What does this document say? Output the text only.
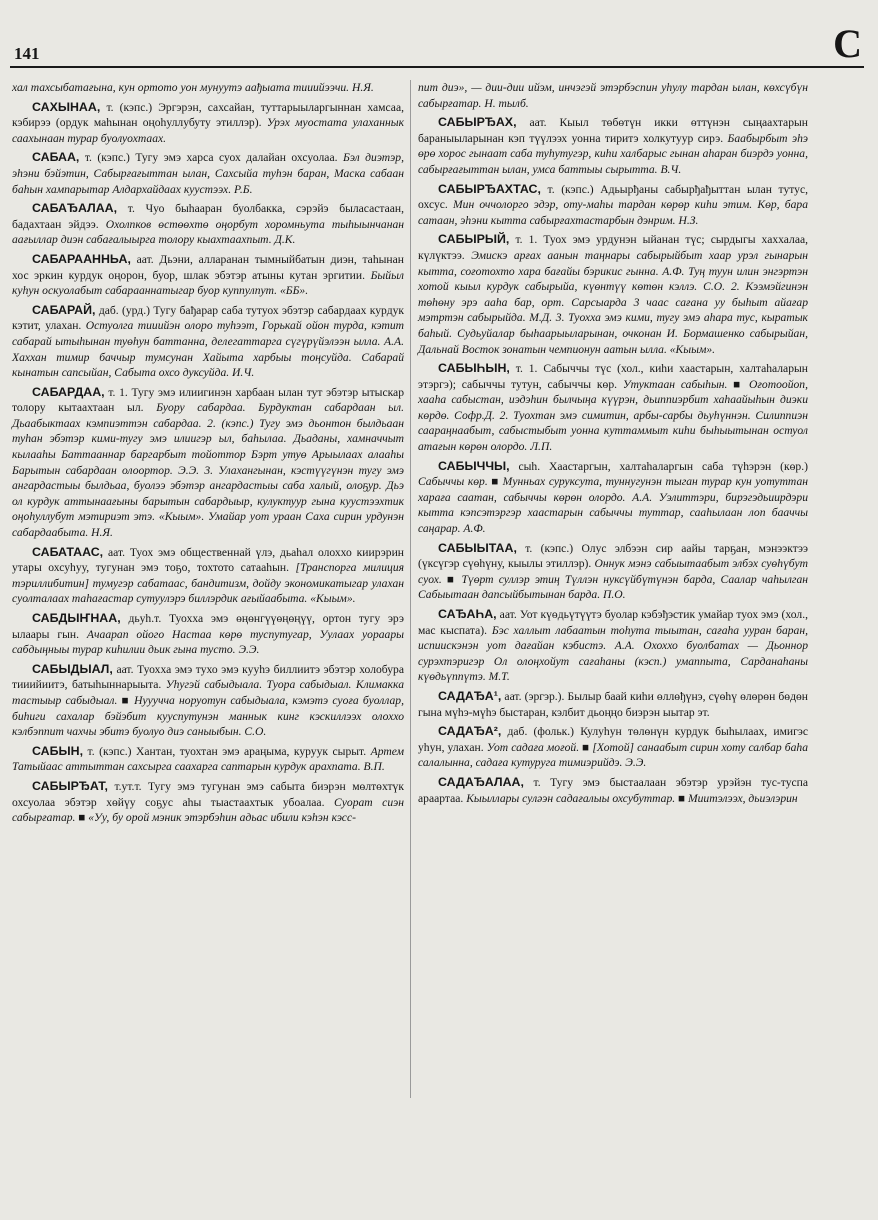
141	С

хал тахсыбатағына, кун ортото уон мунуутэ аађыата тииийээчи. Н.Я.

САХЫНАА, т. (кэпс.) Эргэрэн, сахсайан, туттарыыларгыннан хамсаа, кэбирээ (ордук маһынан оңоһуллубуту этиллэр). Урэх муостата улаханнык саахынаан турар буолуохтаах.

САБАА, т. (кэпс.) Тугу эмэ харса суох далайан охсуолаа. Бэл диэтэр, эһэни бэйэтин, Сабырғағыттан ылан, Сахсыйа туһэн баран, Маска сабаан баһын хампарытар Алдархайдаах куустээх. Р.Б.

САБАЂАЛАА, т. Чуо быһааран буолбакка, сэрэйэ быласастаан, бадахтаан эйдээ. Охолпков өстөөхтө оңорбут хоромньута тыһыынчанан аағыллар диэн сабағалыырга толору кыахтаахпыт. Д.К.

САБАРААННЬА, аат. Дьэни, алларанан тымныйбатын диэн, таһынан хос эркин курдук оңорон, буор, шлак эбэтэр атыны кутан эргитии. Быйыл куһун оскуолабыт сабарааннатыгар буор куппулпут. «ББ».

САБАРАЙ, даб. (урд.) Тугу бађарар саба тутуох эбэтэр сабардаах курдук кэтит, улахан. Остуолга тииийэн олоро туһээт, Горькай ойон турда, кэтит сабарай ытыһынан туөһун баттанна, делегаттарга сүгүрүйэлээн ылла. А.А. Хаххан тимир баччыр тумсунан Хайыта харбыы тоңсуйда. Сабарай кынатын сапсыйан, Сабыта охсо дуксуйда. И.Ч.

САБАРДАА, т. 1. Тугу эмэ илиигинэн харбаан ылан тут эбэтэр ытыскар толору кытаахтаан ыл. Буору сабардаа. Бурдуктан сабардаан ыл. Дьаабыктаах кэмпиэттэн сабардаа. 2. (кэпс.) Тугу эмэ дьонтон былдьаан туһан эбэтэр кими-тугу эмэ илиигэр ыл, баһылаа. Дьаданы, хамначчыт кылааһы Баттааннар баргарбыт тойоттор Бэрт утуө Арыылаах алааһы Барытын сабардаан олоортор. Э.Э. 3. Улахангынан, кэстүүгүнэн тугу эмэ ангардастыы былдьаа, буолээ эбэтэр ангардастыы саба халый, олоҕур. Дьэ ол курдук аттынаағыны барытын сабардыыр, кулуктуур гына куустээхтик оңоһуллубут мэтириэт этэ. «Кыым». Умайар уот ураан Саха сирин урдунэн сабардаабыта. Н.Я.

САБАТААС, аат. Туох эмэ общественнай үлэ, дьаһал олоххо киирэрин утары охсуһуу, тугунан эмэ тоҕо, тохтото сатааһын. [Транспорга милиция тэриллибитин] тумугэр сабатаас, бандитизм, дойду экономикатыгар улахан суолталаах таһағастар сутуулэрэ биллэрдик ағыйаабыта. «Кыым».

САБДЫҤНАА, дьуһ.т. Туохха эмэ өңөнгүүөңөңүү, ортон тугу эрэ ылаары гын. Ачаарап ойого Настаа көрө туспутугар, Уулаах уораары сабдыңныы турар киһилии дьик гына тусто. Э.Э.

САБЫДЫАЛ, аат. Туохха эмэ тухо эмэ кууһэ биллиитэ эбэтэр холобура тииийиитэ, батыһыннарыыта. Уһугэй сабыдыала. Туора сабыдыал. Климакка тастыыр сабыдыал. ■ Нууучча норуотун сабыдыала, кэмэтэ суоға буоллар, биһиги сахалар бэйэбит кууспутунэн маннык кинг кэскиллээх олоххо кэлбэппит чахчы эбитэ буолуо диэ саныыбын. С.О.

САБЫН, т. (кэпс.) Хантан, туохтан эмэ араңыма, куруук сырыт. Артем Татыйаас аттыттан сахсырга саахарга саптарын курдук арахпата. В.П.

САБЫРЂАТ, т.ут.т. Тугу эмэ тугунан эмэ сабыта биэрэн мөлтөхтүк охсуолаа эбэтэр хөйүу соҕус аһы тыастаахтык убоалаа. Суорат сиэн сабырғатар. ■ «Уу, бу орой мэник этэрбэһин адьас ибили кэһэн кэсс-

пит диэ», — дии-дии ийэм, инчэгэй этэрбэспин уһулу тардан ылан, көхсүбүн сабырғатар. Н. тылб.

САБЫРЂАХ, аат. Кыыл төбөтүн икки өттүнэн сыңаахтарын бараныыларынан кэп түүлээх уонна тиритэ холкутуур сирэ. Баабырбыт эһэ өрө хорос гынаат саба туһутугэр, киһи халбарыс гынан аһаран биэрдэ уонна, сабырғағыттан ылан, умса баттыы сырытта. В.Ч.

САБЫРЂАХТАС, т. (кэпс.) Адьырђаны сабырђађыттан ылан тутус, охсус. Мин оччолорго эдэр, оту-маһы тардан көрөр киһи этим. Көр, бара сатаан, эһэни кытта сабырғахтастарбын дэнрим. Н.З.

САБЫРЫЙ, т. 1. Туох эмэ урдунэн ыйанан түс; сырдыгы хаххалаа, күлүктээ. Эмискэ арғах аанын таңнары сабырыйбыт хаар урэл гынарын кытта, соғотохто хара бағайы бэрикис гынна. А.Ф. Туң туун илин энгэртэн хотой кыыл курдук сабырыйа, күөнтүү көтөн кэллэ. С.О. 2. Кээмэйгинэн төһөну эрэ ааһа бар, орт. Сарсыарда 3 чаас сағана уу быһыт айағар мэтртэн сабырыйда. М.Д. 3. Туохха эмэ кими, тугу эмэ аһара тус, кыратык баһый. Судьуйалар быһаарыыларынан, очконан И. Бормашенко сабырыйан, Дальнай Восток зонатын чемпионун аатын ылла. «Кыым».

САБЫҺЫН, т. 1. Сабыччы түс (хол., киһи хаастарын, халтаһаларын этэргэ); сабыччы тутун, сабыччы көр. Утуктаан сабыһын. ■ Оғотоойоп, хааһа сабыстан, иэдэһин былчыңа күүрэн, дьиппиэрбит хаһаайыһын диэки көрдө. Софр.Д. 2. Туохтан эмэ симитин, арбы-сарбы дьуһүннэн. Силиппиэн саараңнаабыт, сабыстыбыт уонна куттаммыт киһи быһыытынан остуол атағын көрөн олордо. Л.П.

САБЫЧЧЫ, сыһ. Хаастаргын, халтаһаларгын саба түһэрэн (көр.) Сабыччы көр. ■ Мунньах суруксута, туннугунэн тыган турар кун уотуттан харағa саатан, сабыччы көрөн олордо. А.А. Уэлиттэри, бирэгэдьиирдэри кытта кэпсэтэргэр хаастарын сабыччы туттар, сааһылаан лоп бааччы саңарар. А.Ф.

САБЫЫТАА, т. (кэпс.) Олус элбээн сир аайы тарҕан, мэнээктээ (үксүгэр сүөһүну, кыылы этиллэр). Оннук мэнэ сабыытаабыт элбэх суөһүбут суох. ■ Түөрт суллэр этиң Түллэн нуксүйбүтүнэн барда, Саалар чаһылган Сабыытаан дапсыйбытынан барда. П.О.

САЂАҺА, аат. Уот күөдьүтүүтэ буолар кэбэђэстик умайар туох эмэ (хол., мас кыспата). Бэс халлыт лабаатын тоһута тыытан, сағаһа ууран баран, испиискэнэн уот дағайан кэбистэ. А.А. Охоххо буолбатах — Дьоннор сурэхтэригэр Ол олоңхойут сағаһаны (кэсп.) умаппыта, Сарданаһаны күөдьүппүтэ. М.Т.

САДАЂА¹, аат. (эргэр.). Былыр баай киһи өллөђүнэ, сүөһү өлөрөн бөдөн гына мүһэ-мүһэ быстаран, кэлбит дьоңңо биэрэн ыытар эт.

САДАЂА², даб. (фольк.) Кулуһун төлөнүн курдук быһылаах, имигэс уһун, улахан. Уот садаға моғой. ■ [Хотой] санаабыт сирин хоту салбар баһа салалынна, садаға кутуруга тимиэрийдэ. Э.Э.

САДАЂАЛАА, т. Тугу эмэ быстаалаан эбэтэр урэйэн тус-туспа араартаа. Кыыллары суләэн садағалыы охсубуттар. ■ Миитэлээх, дьиэлэрин
